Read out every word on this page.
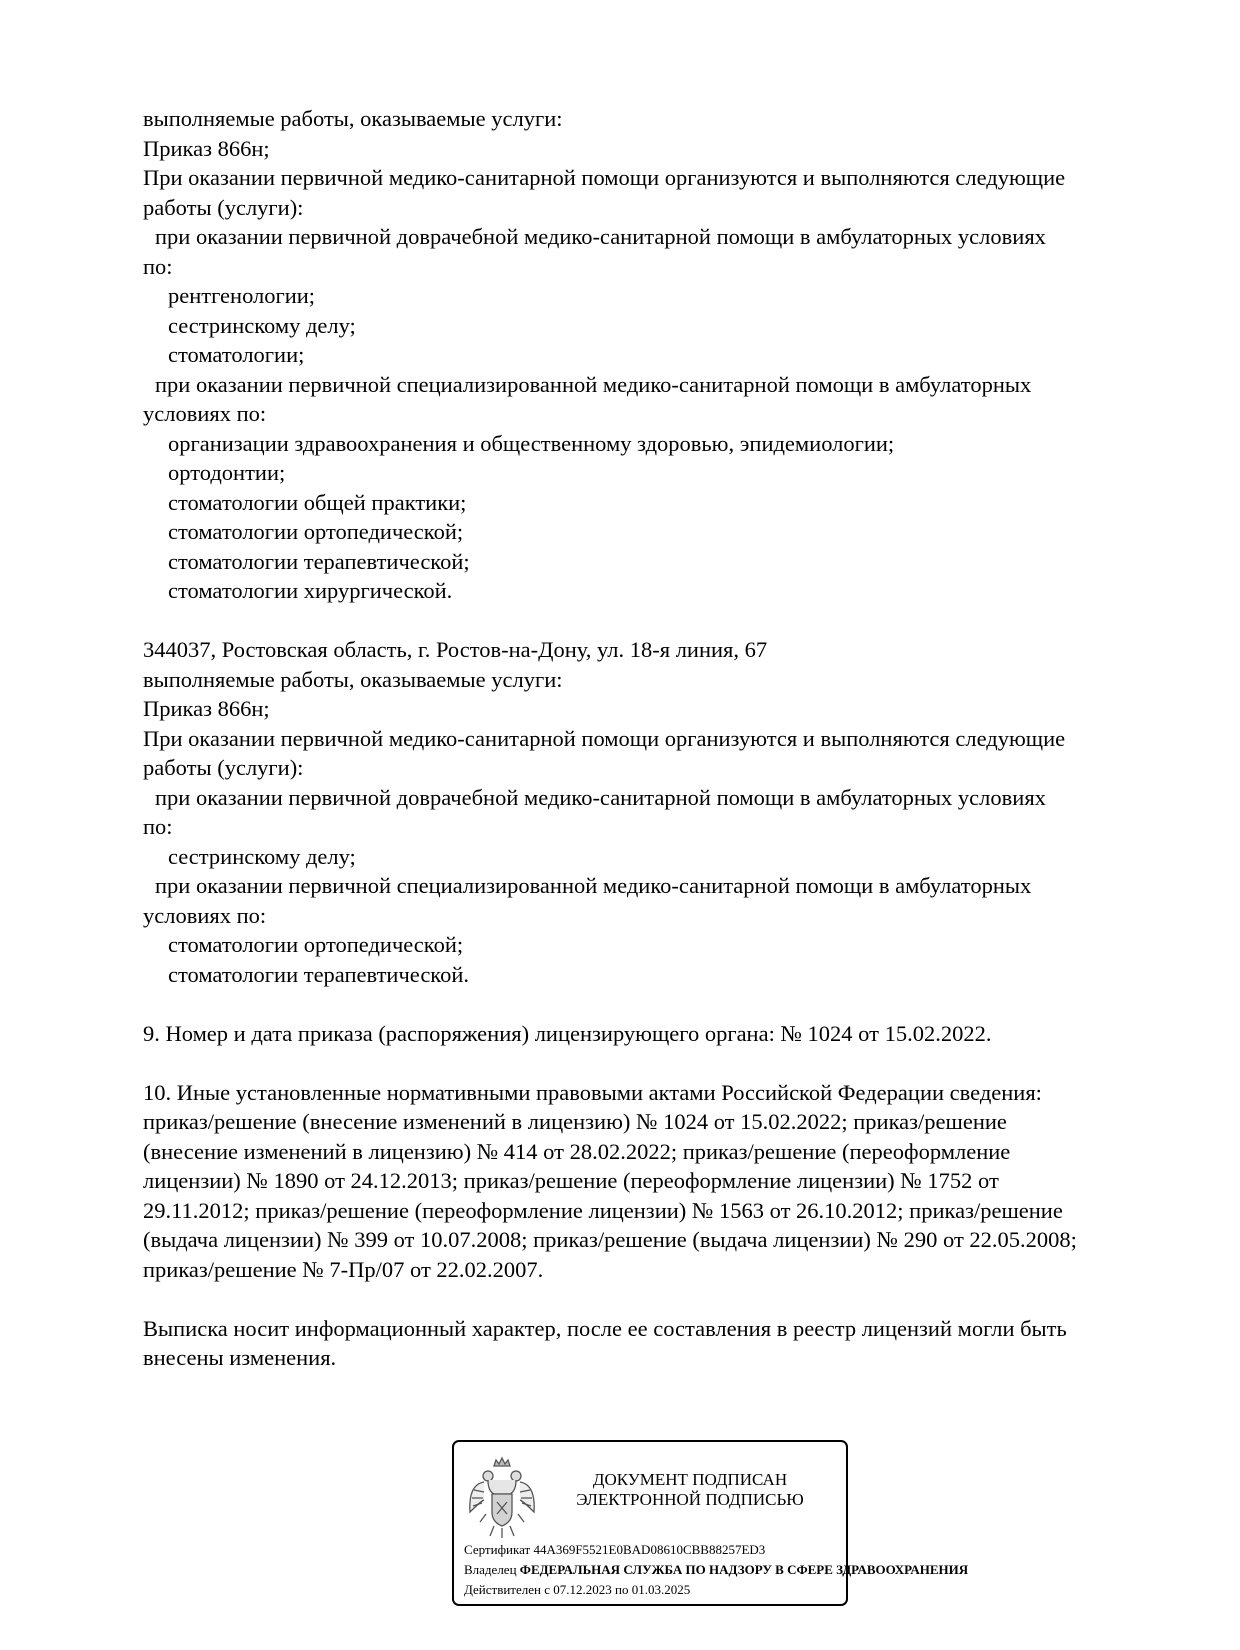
выполняемые работы, оказываемые услуги:

Приказ 866н;

При оказании первичной медико-санитарной помощи организуются и выполняются следующие

работы (услуги):

при оказании первичной доврачебной медико-санитарной помощи в амбулаторных условиях

по:

рентгенологии;

сестринскому делу;

стоматологии;

при оказании первичной специализированной медико-санитарной помощи в амбулаторных

условиях по:

организации здравоохранения и общественному здоровью, эпидемиологии;

ортодонтии;

стоматологии общей практики;

стоматологии ортопедической;

стоматологии терапевтической;

стоматологии хирургической.

344037, Ростовская область, г. Ростов-на-Дону, ул. 18-я линия, 67

выполняемые работы, оказываемые услуги:

Приказ 866н;

При оказании первичной медико-санитарной помощи организуются и выполняются следующие

работы (услуги):

при оказании первичной доврачебной медико-санитарной помощи в амбулаторных условиях

по:

сестринскому делу;

при оказании первичной специализированной медико-санитарной помощи в амбулаторных

условиях по:

стоматологии ортопедической;

стоматологии терапевтической.

9. Номер и дата приказа (распоряжения) лицензирующего органа: № 1024 от 15.02.2022.

10. Иные установленные нормативными правовыми актами Российской Федерации сведения:

приказ/решение (внесение изменений в лицензию) № 1024 от 15.02.2022; приказ/решение

(внесение изменений в лицензию) № 414 от 28.02.2022; приказ/решение (переоформление

лицензии) № 1890 от 24.12.2013; приказ/решение (переоформление лицензии) № 1752 от

29.11.2012; приказ/решение (переоформление лицензии) № 1563 от 26.10.2012; приказ/решение

(выдача лицензии) № 399 от 10.07.2008; приказ/решение (выдача лицензии) № 290 от 22.05.2008;

приказ/решение № 7-Пр/07 от 22.02.2007.

Выписка носит информационный характер, после ее составления в реестр лицензий могли быть

внесены изменения.

ДОКУМЕНТ ПОДПИСАН
ЭЛЕКТРОННОЙ ПОДПИСЬЮ
Сертификат 44A369F5521E0BAD08610CBB88257ED3
Владелец ФЕДЕРАЛЬНАЯ СЛУЖБА ПО НАДЗОРУ В СФЕРЕ ЗДРАВООХРАНЕНИЯ
Действителен с 07.12.2023 по 01.03.2025
